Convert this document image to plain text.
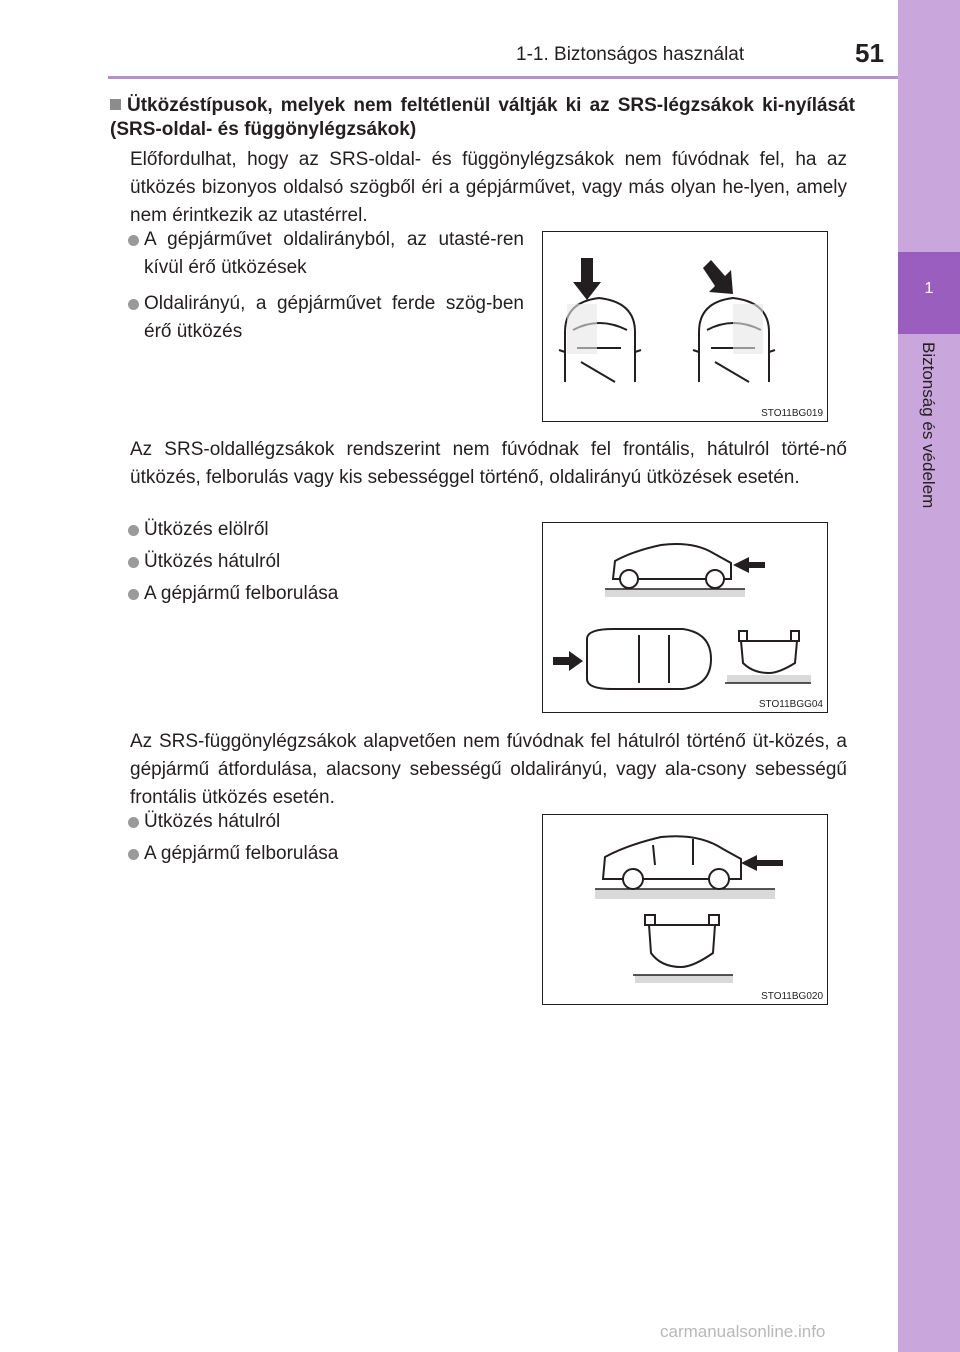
1-1. Biztonságos használat	51
1
Biztonság és védelem
Ütközéstípusok, melyek nem feltétlenül váltják ki az SRS-légzsákok ki-nyílását (SRS-oldal- és függönylégzsákok)
Előfordulhat, hogy az SRS-oldal- és függönylégzsákok nem fúvódnak fel, ha az ütközés bizonyos oldalsó szögből éri a gépjárművet, vagy más olyan he-lyen, amely nem érintkezik az utastérrel.
A gépjárművet oldalirányból, az utasté-ren kívül érő ütközések
Oldalirányú, a gépjárművet ferde szög-ben érő ütközés
STO11BG019
Az SRS-oldallégzsákok rendszerint nem fúvódnak fel frontális, hátulról törté-nő ütközés, felborulás vagy kis sebességgel történő, oldalirányú ütközések esetén.
Ütközés elölről
Ütközés hátulról
A gépjármű felborulása
STO11BGG04
Az SRS-függönylégzsákok alapvetően nem fúvódnak fel hátulról történő üt-közés, a gépjármű átfordulása, alacsony sebességű oldalirányú, vagy ala-csony sebességű frontális ütközés esetén.
Ütközés hátulról
A gépjármű felborulása
STO11BG020
carmanualsonline.info
